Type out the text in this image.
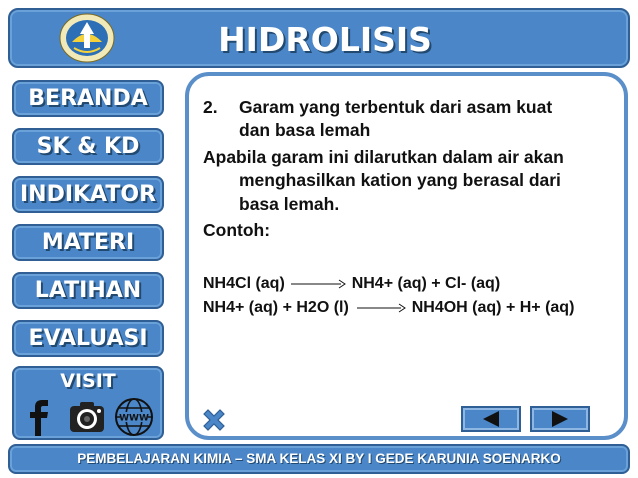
HIDROLISIS
BERANDA
SK & KD
INDIKATOR
MATERI
LATIHAN
EVALUASI
VISIT
WWW
2. Garam yang terbentuk dari asam kuat
dan basa lemah
Apabila garam ini dilarutkan dalam air akan
menghasilkan kation yang berasal dari
basa lemah.
Contoh:
NH4Cl (aq) → NH4+ (aq) + Cl- (aq)
NH4+ (aq) + H2O (l) → NH4OH (aq) + H+ (aq)
PEMBELAJARAN KIMIA – SMA KELAS XI BY I GEDE KARUNIA SOENARKO
